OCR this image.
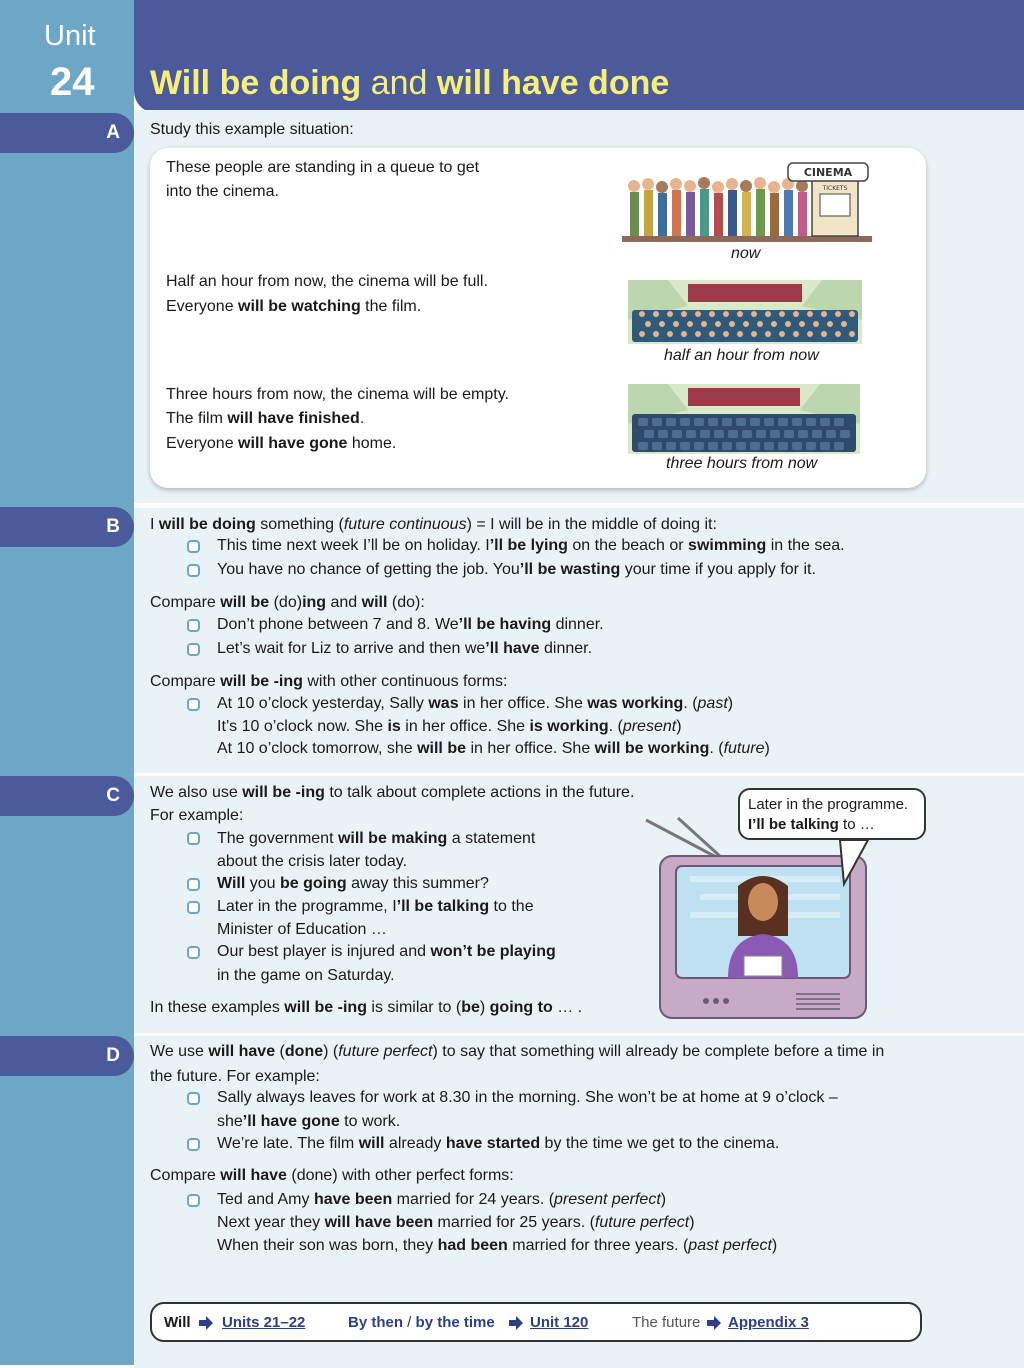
Unit
24 Will be doing and will have done
A Study this example situation:
These people are standing in a queue to get
into the cinema.
Half an hour from now, the cinema will be full.
Everyone will be watching the film.
Three hours from now, the cinema will be empty.
The film will have finished.
Everyone will have gone home.
CINEMA
TICKETS
now
half an hour from now
three hours from now
B I will be doing something (future continuous) = I will be in the middle of doing it:
This time next week I’ll be on holiday. I’ll be lying on the beach or swimming in the sea.
You have no chance of getting the job. You’ll be wasting your time if you apply for it.
Compare will be (do)ing and will (do):
Don’t phone between 7 and 8. We’ll be having dinner.
Let’s wait for Liz to arrive and then we’ll have dinner.
Compare will be -ing with other continuous forms:
At 10 o’clock yesterday, Sally was in her office. She was working. (past)
It’s 10 o’clock now. She is in her office. She is working. (present)
At 10 o’clock tomorrow, she will be in her office. She will be working. (future)
C We also use will be -ing to talk about complete actions in the future.
For example:
The government will be making a statement
about the crisis later today.
Will you be going away this summer?
Later in the programme, I’ll be talking to the
Minister of Education …
Our best player is injured and won’t be playing
in the game on Saturday.
In these examples will be -ing is similar to (be) going to … .
Later in the programme.
I’ll be talking to …
D We use will have (done) (future perfect) to say that something will already be complete before a time in
the future. For example:
Sally always leaves for work at 8.30 in the morning. She won’t be at home at 9 o’clock –
she’ll have gone to work.
We’re late. The film will already have started by the time we get to the cinema.
Compare will have (done) with other perfect forms:
Ted and Amy have been married for 24 years. (present perfect)
Next year they will have been married for 25 years. (future perfect)
When their son was born, they had been married for three years. (past perfect)
Will Units 21–22	By then / by the time Unit 120	The future Appendix 3
